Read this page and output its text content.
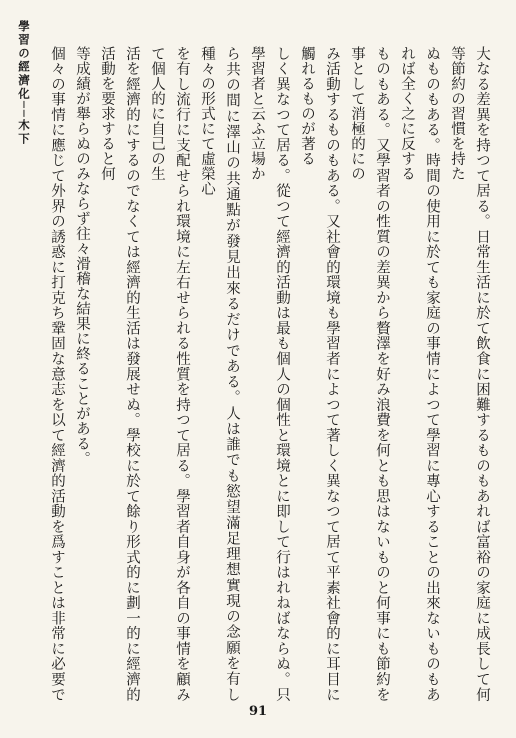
學習の經濟化──木下	大なる差異を持つて居る。日常生活に於て飲食に困難するものもあれば富裕の家庭に成長して何等節約の習慣を持た
ぬものもある。時間の使用に於ても家庭の事情によつて學習に專心することの出來ないものもあれば全く之に反する
ものもある。又學習者の性質の差異から贅澤を好み浪費を何とも思はないものと何事にも節約を事として消極的にの
み活動するものもある。又社會的環境も學習者によつて著しく異なつて居て平素社會的に耳目に觸れるものが著る
しく異なつて居る。從つて經濟的活動は最も個人の個性と環境とに即して行はれねばならぬ。只學習者と云ふ立場か
ら共の間に澤山の共通點が發見出來るだけである。人は誰でも慾望滿足理想實現の念願を有し種々の形式にて虛榮心
を有し流行に支配せられ環境に左右せられる性質を持つて居る。學習者自身が各自の事情を顧みて個人的に自己の生
活を經濟的にするのでなくては經濟的生活は發展せぬ。學校に於て餘り形式的に劃一的に經濟的活動を要求すると何
等成績が舉らぬのみならず往々滑稽な結果に終ることがある。
個々の事情に應じて外界の誘惑に打克ち鞏固な意志を以て經濟的活動を爲すことは非常に必要で
91
